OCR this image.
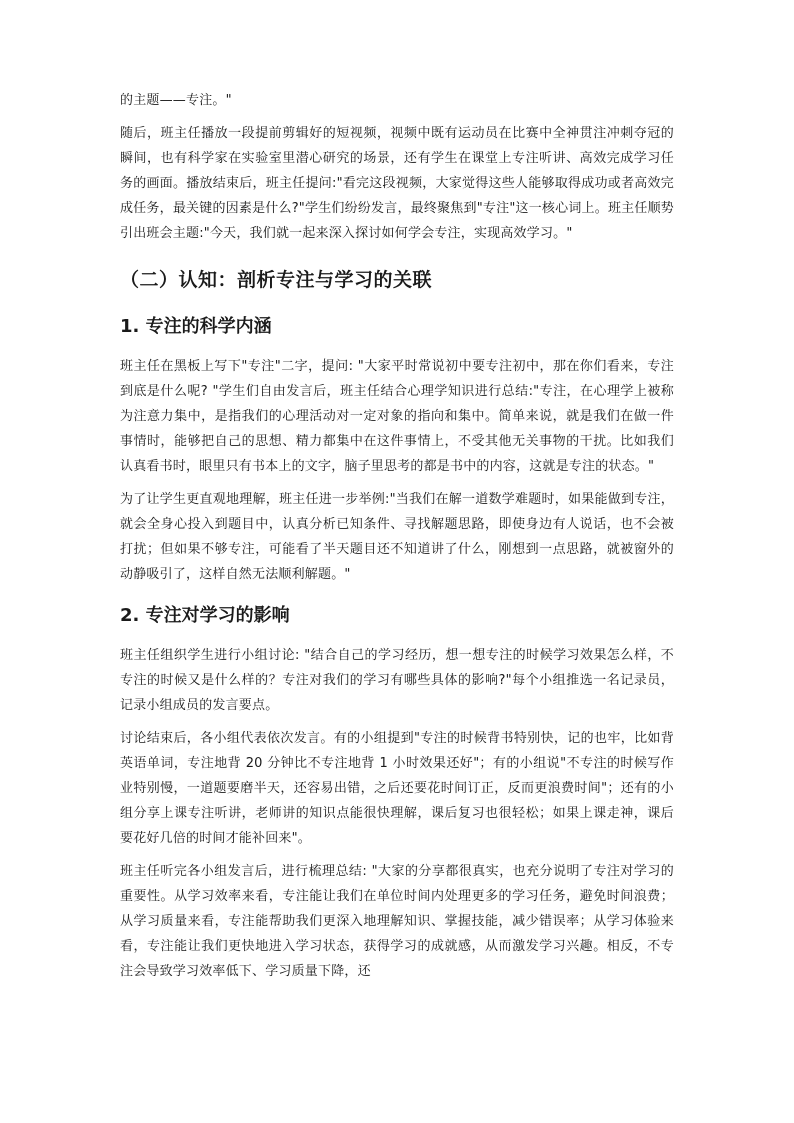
的主题——专注。"

随后，班主任播放一段提前剪辑好的短视频，视频中既有运动员在比赛中全神贯注冲刺夺冠的瞬间，也有科学家在实验室里潜心研究的场景，还有学生在课堂上专注听讲、高效完成学习任务的画面。播放结束后，班主任提问:"看完这段视频，大家觉得这些人能够取得成功或者高效完成任务，最关键的因素是什么?"学生们纷纷发言，最终聚焦到"专注"这一核心词上。班主任顺势引出班会主题:"今天，我们就一起来深入探讨如何学会专注，实现高效学习。"

（二）认知：剖析专注与学习的关联
1. 专注的科学内涵

班主任在黑板上写下"专注"二字，提问: "大家平时常说初中要专注初中，那在你们看来，专注到底是什么呢? "学生们自由发言后，班主任结合心理学知识进行总结:"专注，在心理学上被称为注意力集中，是指我们的心理活动对一定对象的指向和集中。简单来说，就是我们在做一件事情时，能够把自己的思想、精力都集中在这件事情上，不受其他无关事物的干扰。比如我们认真看书时，眼里只有书本上的文字，脑子里思考的都是书中的内容，这就是专注的状态。"

为了让学生更直观地理解，班主任进一步举例:"当我们在解一道数学难题时，如果能做到专注，就会全身心投入到题目中，认真分析已知条件、寻找解题思路，即使身边有人说话，也不会被打扰；但如果不够专注，可能看了半天题目还不知道讲了什么，刚想到一点思路，就被窗外的动静吸引了，这样自然无法顺利解题。"

2. 专注对学习的影响

班主任组织学生进行小组讨论: "结合自己的学习经历，想一想专注的时候学习效果怎么样，不专注的时候又是什么样的？专注对我们的学习有哪些具体的影响?"每个小组推选一名记录员，记录小组成员的发言要点。

讨论结束后，各小组代表依次发言。有的小组提到"专注的时候背书特别快，记的也牢，比如背英语单词，专注地背 20 分钟比不专注地背 1 小时效果还好"；有的小组说"不专注的时候写作业特别慢，一道题要磨半天，还容易出错，之后还要花时间订正，反而更浪费时间"；还有的小组分享上课专注听讲，老师讲的知识点能很快理解，课后复习也很轻松；如果上课走神，课后要花好几倍的时间才能补回来"。

班主任听完各小组发言后，进行梳理总结: "大家的分享都很真实，也充分说明了专注对学习的重要性。从学习效率来看，专注能让我们在单位时间内处理更多的学习任务，避免时间浪费；从学习质量来看，专注能帮助我们更深入地理解知识、掌握技能，减少错误率；从学习体验来看，专注能让我们更快地进入学习状态，获得学习的成就感，从而激发学习兴趣。相反，不专注会导致学习效率低下、学习质量下降，还
